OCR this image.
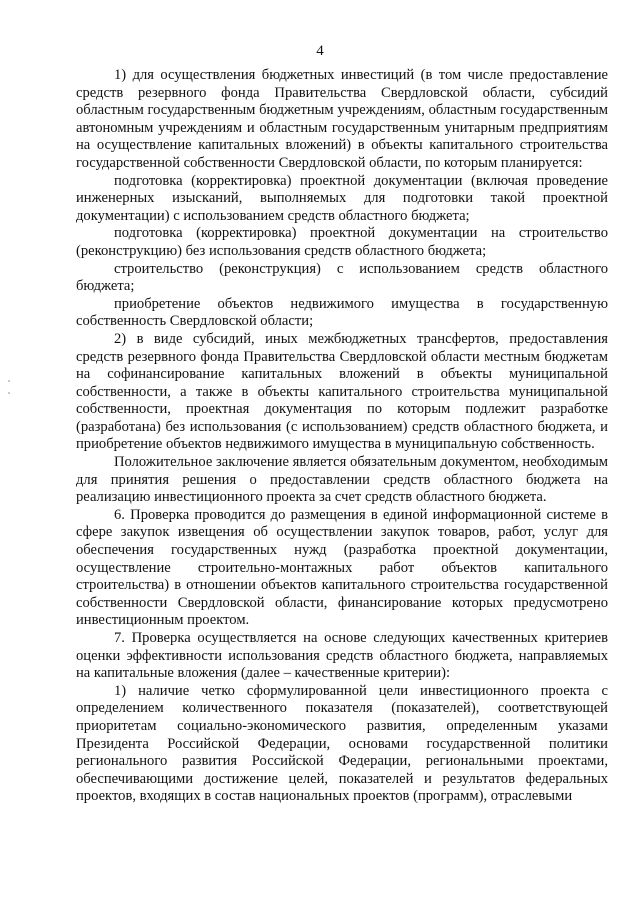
4

1) для осуществления бюджетных инвестиций (в том числе предоставление средств резервного фонда Правительства Свердловской области, субсидий областным государственным бюджетным учреждениям, областным государственным автономным учреждениям и областным государственным унитарным предприятиям на осуществление капитальных вложений) в объекты капитального строительства государственной собственности Свердловской области, по которым планируется:

подготовка (корректировка) проектной документации (включая проведение инженерных изысканий, выполняемых для подготовки такой проектной документации) с использованием средств областного бюджета;

подготовка (корректировка) проектной документации на строительство (реконструкцию) без использования средств областного бюджета;

строительство (реконструкция) с использованием средств областного бюджета;

приобретение объектов недвижимого имущества в государственную собственность Свердловской области;

2) в виде субсидий, иных межбюджетных трансфертов, предоставления средств резервного фонда Правительства Свердловской области местным бюджетам на софинансирование капитальных вложений в объекты муниципальной собственности, а также в объекты капитального строительства муниципальной собственности, проектная документация по которым подлежит разработке (разработана) без использования (с использованием) средств областного бюджета, и приобретение объектов недвижимого имущества в муниципальную собственность.

Положительное заключение является обязательным документом, необходимым для принятия решения о предоставлении средств областного бюджета на реализацию инвестиционного проекта за счет средств областного бюджета.

6. Проверка проводится до размещения в единой информационной системе в сфере закупок извещения об осуществлении закупок товаров, работ, услуг для обеспечения государственных нужд (разработка проектной документации, осуществление строительно-монтажных работ объектов капитального строительства) в отношении объектов капитального строительства государственной собственности Свердловской области, финансирование которых предусмотрено инвестиционным проектом.

7. Проверка осуществляется на основе следующих качественных критериев оценки эффективности использования средств областного бюджета, направляемых на капитальные вложения (далее – качественные критерии):

1) наличие четко сформулированной цели инвестиционного проекта с определением количественного показателя (показателей), соответствующей приоритетам социально-экономического развития, определенным указами Президента Российской Федерации, основами государственной политики регионального развития Российской Федерации, региональными проектами, обеспечивающими достижение целей, показателей и результатов федеральных проектов, входящих в состав национальных проектов (программ), отраслевыми
